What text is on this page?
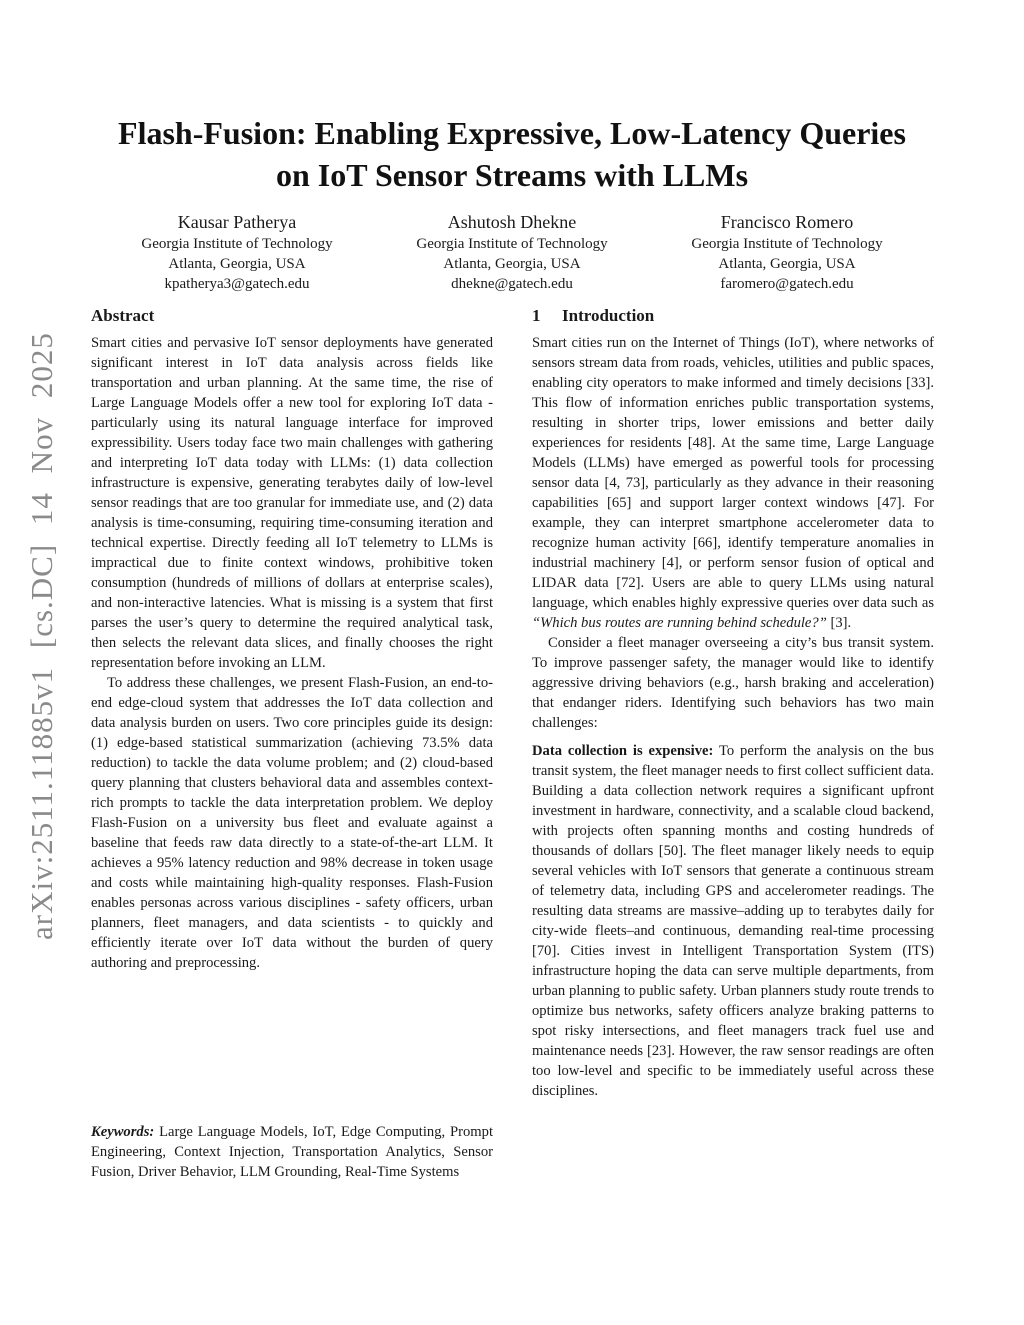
arXiv:2511.11885v1 [cs.DC] 14 Nov 2025
Flash-Fusion: Enabling Expressive, Low-Latency Queries on IoT Sensor Streams with LLMs
Kausar Patherya
Georgia Institute of Technology
Atlanta, Georgia, USA
kpatherya3@gatech.edu
Ashutosh Dhekne
Georgia Institute of Technology
Atlanta, Georgia, USA
dhekne@gatech.edu
Francisco Romero
Georgia Institute of Technology
Atlanta, Georgia, USA
faromero@gatech.edu
Abstract

Smart cities and pervasive IoT sensor deployments have generated significant interest in IoT data analysis across fields like transportation and urban planning. At the same time, the rise of Large Language Models offer a new tool for exploring IoT data - particularly using its natural language interface for improved expressibility. Users today face two main challenges with gathering and interpreting IoT data today with LLMs: (1) data collection infrastructure is expensive, generating terabytes daily of low-level sensor readings that are too granular for immediate use, and (2) data analysis is time-consuming, requiring time-consuming iteration and technical expertise. Directly feeding all IoT telemetry to LLMs is impractical due to finite context windows, prohibitive token consumption (hundreds of millions of dollars at enterprise scales), and non-interactive latencies. What is missing is a system that first parses the user’s query to determine the required analytical task, then selects the relevant data slices, and finally chooses the right representation before invoking an LLM.

To address these challenges, we present Flash-Fusion, an end-to-end edge-cloud system that addresses the IoT data collection and data analysis burden on users. Two core principles guide its design: (1) edge-based statistical summarization (achieving 73.5% data reduction) to tackle the data volume problem; and (2) cloud-based query planning that clusters behavioral data and assembles context-rich prompts to tackle the data interpretation problem. We deploy Flash-Fusion on a university bus fleet and evaluate against a baseline that feeds raw data directly to a state-of-the-art LLM. It achieves a 95% latency reduction and 98% decrease in token usage and costs while maintaining high-quality responses. Flash-Fusion enables personas across various disciplines - safety officers, urban planners, fleet managers, and data scientists - to quickly and efficiently iterate over IoT data without the burden of query authoring and preprocessing.

Keywords: Large Language Models, IoT, Edge Computing, Prompt Engineering, Context Injection, Transportation Analytics, Sensor Fusion, Driver Behavior, LLM Grounding, Real-Time Systems
1 Introduction

Smart cities run on the Internet of Things (IoT), where networks of sensors stream data from roads, vehicles, utilities and public spaces, enabling city operators to make informed and timely decisions [33]. This flow of information enriches public transportation systems, resulting in shorter trips, lower emissions and better daily experiences for residents [48]. At the same time, Large Language Models (LLMs) have emerged as powerful tools for processing sensor data [4, 73], particularly as they advance in their reasoning capabilities [65] and support larger context windows [47]. For example, they can interpret smartphone accelerometer data to recognize human activity [66], identify temperature anomalies in industrial machinery [4], or perform sensor fusion of optical and LIDAR data [72]. Users are able to query LLMs using natural language, which enables highly expressive queries over data such as “Which bus routes are running behind schedule?” [3].

Consider a fleet manager overseeing a city’s bus transit system. To improve passenger safety, the manager would like to identify aggressive driving behaviors (e.g., harsh braking and acceleration) that endanger riders. Identifying such behaviors has two main challenges:

Data collection is expensive: To perform the analysis on the bus transit system, the fleet manager needs to first collect sufficient data. Building a data collection network requires a significant upfront investment in hardware, connectivity, and a scalable cloud backend, with projects often spanning months and costing hundreds of thousands of dollars [50]. The fleet manager likely needs to equip several vehicles with IoT sensors that generate a continuous stream of telemetry data, including GPS and accelerometer readings. The resulting data streams are massive–adding up to terabytes daily for city-wide fleets–and continuous, demanding real-time processing [70]. Cities invest in Intelligent Transportation System (ITS) infrastructure hoping the data can serve multiple departments, from urban planning to public safety. Urban planners study route trends to optimize bus networks, safety officers analyze braking patterns to spot risky intersections, and fleet managers track fuel use and maintenance needs [23]. However, the raw sensor readings are often too low-level and specific to be immediately useful across these disciplines.
